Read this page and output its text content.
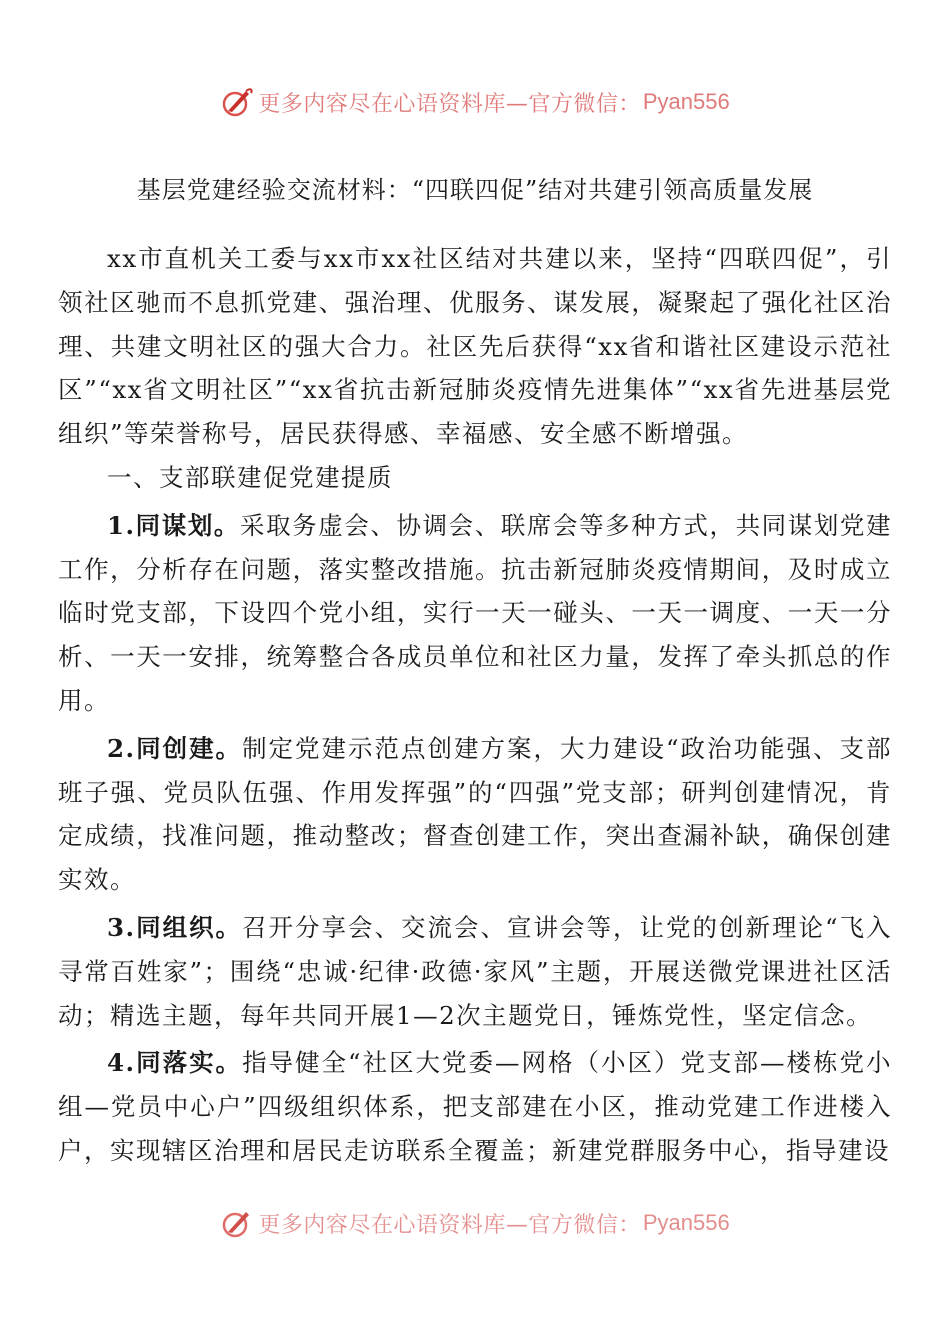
更多内容尽在心语资料库—官方微信： Pyan556
基层党建经验交流材料：“四联四促”结对共建引领高质量发展

xx市直机关工委与xx市xx社区结对共建以来，坚持“四联四促”，引领社区驰而不息抓党建、强治理、优服务、谋发展，凝聚起了强化社区治理、共建文明社区的强大合力。社区先后获得“xx省和谐社区建设示范社区”“xx省文明社区”“xx省抗击新冠肺炎疫情先进集体”“xx省先进基层党组织”等荣誉称号，居民获得感、幸福感、安全感不断增强。

一、支部联建促党建提质

1.同谋划。采取务虚会、协调会、联席会等多种方式，共同谋划党建工作，分析存在问题，落实整改措施。抗击新冠肺炎疫情期间，及时成立临时党支部，下设四个党小组，实行一天一碰头、一天一调度、一天一分析、一天一安排，统筹整合各成员单位和社区力量，发挥了牵头抓总的作用。

2.同创建。制定党建示范点创建方案，大力建设“政治功能强、支部班子强、党员队伍强、作用发挥强”的“四强”党支部；研判创建情况，肯定成绩，找准问题，推动整改；督查创建工作，突出查漏补缺，确保创建实效。

3.同组织。召开分享会、交流会、宣讲会等，让党的创新理论“飞入寻常百姓家”；围绕“忠诚·纪律·政德·家风”主题，开展送微党课进社区活动；精选主题，每年共同开展1—2次主题党日，锤炼党性，坚定信念。

4.同落实。指导健全“社区大党委—网格（小区）党支部—楼栋党小组—党员中心户”四级组织体系，把支部建在小区，推动党建工作进楼入户，实现辖区治理和居民走访联系全覆盖；新建党群服务中心，指导建设

更多内容尽在心语资料库—官方微信： Pyan556
